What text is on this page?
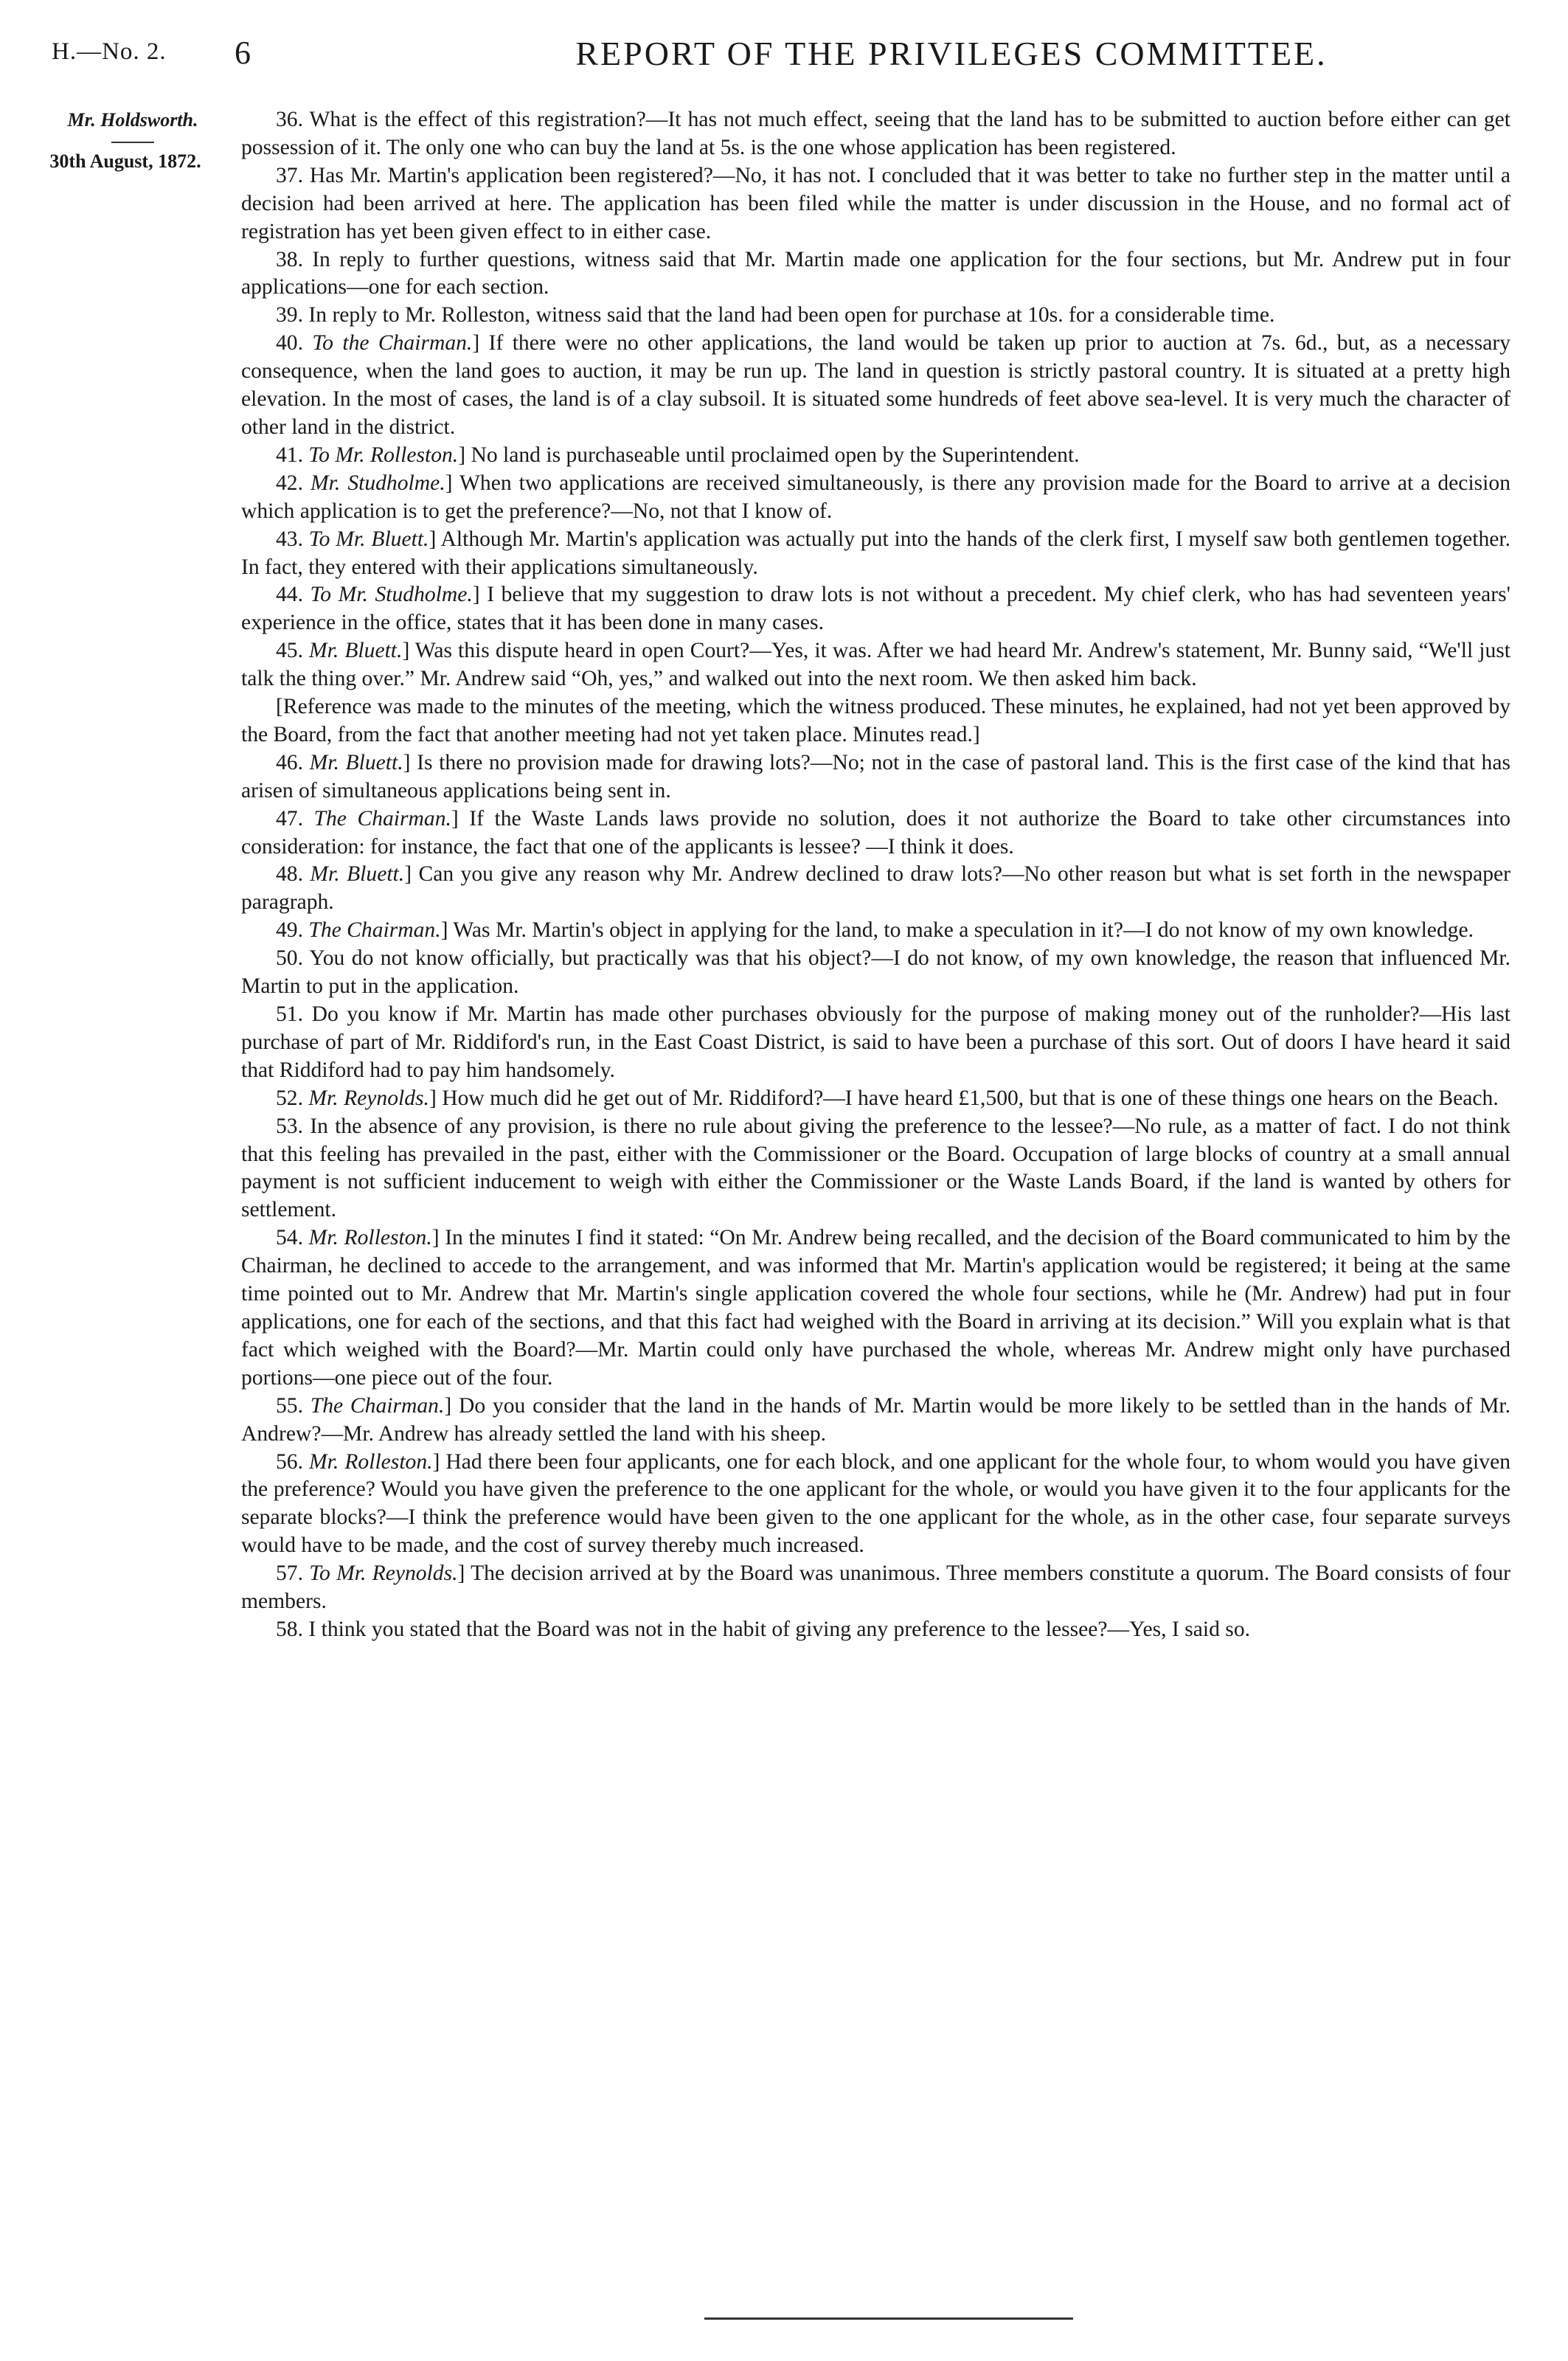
H.—No. 2. 6	REPORT OF THE PRIVILEGES COMMITTEE.
Mr. Holdsworth.
30th August, 1872.

36. What is the effect of this registration?—It has not much effect, seeing that the land has to be submitted to auction before either can get possession of it. The only one who can buy the land at 5s. is the one whose application has been registered.

37. Has Mr. Martin's application been registered?—No, it has not. I concluded that it was better to take no further step in the matter until a decision had been arrived at here. The application has been filed while the matter is under discussion in the House, and no formal act of registration has yet been given effect to in either case.

38. In reply to further questions, witness said that Mr. Martin made one application for the four sections, but Mr. Andrew put in four applications—one for each section.

39. In reply to Mr. Rolleston, witness said that the land had been open for purchase at 10s. for a considerable time.

40. To the Chairman.] If there were no other applications, the land would be taken up prior to auction at 7s. 6d., but, as a necessary consequence, when the land goes to auction, it may be run up. The land in question is strictly pastoral country. It is situated at a pretty high elevation. In the most of cases, the land is of a clay subsoil. It is situated some hundreds of feet above sea-level. It is very much the character of other land in the district.

41. To Mr. Rolleston.] No land is purchaseable until proclaimed open by the Superintendent.

42. Mr. Studholme.] When two applications are received simultaneously, is there any provision made for the Board to arrive at a decision which application is to get the preference?—No, not that I know of.

43. To Mr. Bluett.] Although Mr. Martin's application was actually put into the hands of the clerk first, I myself saw both gentlemen together. In fact, they entered with their applications simultaneously.

44. To Mr. Studholme.] I believe that my suggestion to draw lots is not without a precedent. My chief clerk, who has had seventeen years' experience in the office, states that it has been done in many cases.

45. Mr. Bluett.] Was this dispute heard in open Court?—Yes, it was. After we had heard Mr. Andrew's statement, Mr. Bunny said, “We'll just talk the thing over.” Mr. Andrew said “Oh, yes,” and walked out into the next room. We then asked him back.

[Reference was made to the minutes of the meeting, which the witness produced. These minutes, he explained, had not yet been approved by the Board, from the fact that another meeting had not yet taken place. Minutes read.]

46. Mr. Bluett.] Is there no provision made for drawing lots?—No; not in the case of pastoral land. This is the first case of the kind that has arisen of simultaneous applications being sent in.

47. The Chairman.] If the Waste Lands laws provide no solution, does it not authorize the Board to take other circumstances into consideration: for instance, the fact that one of the applicants is lessee? —I think it does.

48. Mr. Bluett.] Can you give any reason why Mr. Andrew declined to draw lots?—No other reason but what is set forth in the newspaper paragraph.

49. The Chairman.] Was Mr. Martin's object in applying for the land, to make a speculation in it?—I do not know of my own knowledge.

50. You do not know officially, but practically was that his object?—I do not know, of my own knowledge, the reason that influenced Mr. Martin to put in the application.

51. Do you know if Mr. Martin has made other purchases obviously for the purpose of making money out of the runholder?—His last purchase of part of Mr. Riddiford's run, in the East Coast District, is said to have been a purchase of this sort. Out of doors I have heard it said that Riddiford had to pay him handsomely.

52. Mr. Reynolds.] How much did he get out of Mr. Riddiford?—I have heard £1,500, but that is one of these things one hears on the Beach.

53. In the absence of any provision, is there no rule about giving the preference to the lessee?—No rule, as a matter of fact. I do not think that this feeling has prevailed in the past, either with the Commissioner or the Board. Occupation of large blocks of country at a small annual payment is not sufficient inducement to weigh with either the Commissioner or the Waste Lands Board, if the land is wanted by others for settlement.

54. Mr. Rolleston.] In the minutes I find it stated: “On Mr. Andrew being recalled, and the decision of the Board communicated to him by the Chairman, he declined to accede to the arrangement, and was informed that Mr. Martin's application would be registered; it being at the same time pointed out to Mr. Andrew that Mr. Martin's single application covered the whole four sections, while he (Mr. Andrew) had put in four applications, one for each of the sections, and that this fact had weighed with the Board in arriving at its decision.” Will you explain what is that fact which weighed with the Board?—Mr. Martin could only have purchased the whole, whereas Mr. Andrew might only have purchased portions—one piece out of the four.

55. The Chairman.] Do you consider that the land in the hands of Mr. Martin would be more likely to be settled than in the hands of Mr. Andrew?—Mr. Andrew has already settled the land with his sheep.

56. Mr. Rolleston.] Had there been four applicants, one for each block, and one applicant for the whole four, to whom would you have given the preference? Would you have given the preference to the one applicant for the whole, or would you have given it to the four applicants for the separate blocks?—I think the preference would have been given to the one applicant for the whole, as in the other case, four separate surveys would have to be made, and the cost of survey thereby much increased.

57. To Mr. Reynolds.] The decision arrived at by the Board was unanimous. Three members constitute a quorum. The Board consists of four members.

58. I think you stated that the Board was not in the habit of giving any preference to the lessee?—Yes, I said so.
